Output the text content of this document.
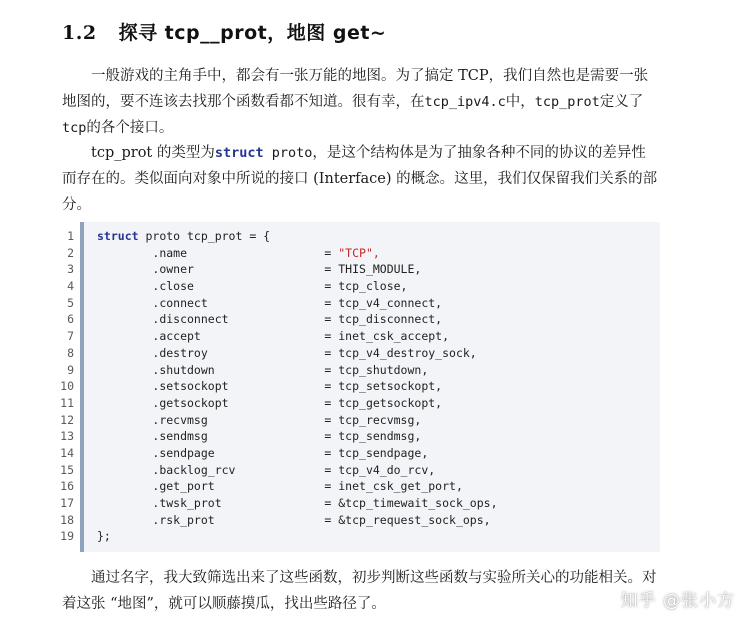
1.2 探寻 tcp__prot，地图 get~

一般游戏的主角手中，都会有一张万能的地图。为了搞定 TCP，我们自然也是需要一张地图的，要不连该去找那个函数看都不知道。很有幸，在tcp_ipv4.c中，tcp_prot定义了tcp的各个接口。

tcp_prot 的类型为struct proto，是这个结构体是为了抽象各种不同的协议的差异性而存在的。类似面向对象中所说的接口 (Interface) 的概念。这里，我们仅保留我们关系的部分。

1
2
3
4
5
6
7
8
9
10
11
12
13
14
15
16
17
18
19
struct proto tcp_prot = {
.name	= "TCP",
.owner	= THIS_MODULE,
.close	= tcp_close,
.connect	= tcp_v4_connect,
.disconnect	= tcp_disconnect,
.accept	= inet_csk_accept,
.destroy	= tcp_v4_destroy_sock,
.shutdown	= tcp_shutdown,
.setsockopt	= tcp_setsockopt,
.getsockopt	= tcp_getsockopt,
.recvmsg	= tcp_recvmsg,
.sendmsg	= tcp_sendmsg,
.sendpage	= tcp_sendpage,
.backlog_rcv	= tcp_v4_do_rcv,
.get_port	= inet_csk_get_port,
.twsk_prot	= &tcp_timewait_sock_ops,
.rsk_prot	= &tcp_request_sock_ops,
};

通过名字，我大致筛选出来了这些函数，初步判断这些函数与实验所关心的功能相关。对着这张 “地图”，就可以顺藤摸瓜，找出些路径了。	知乎 @张小方
